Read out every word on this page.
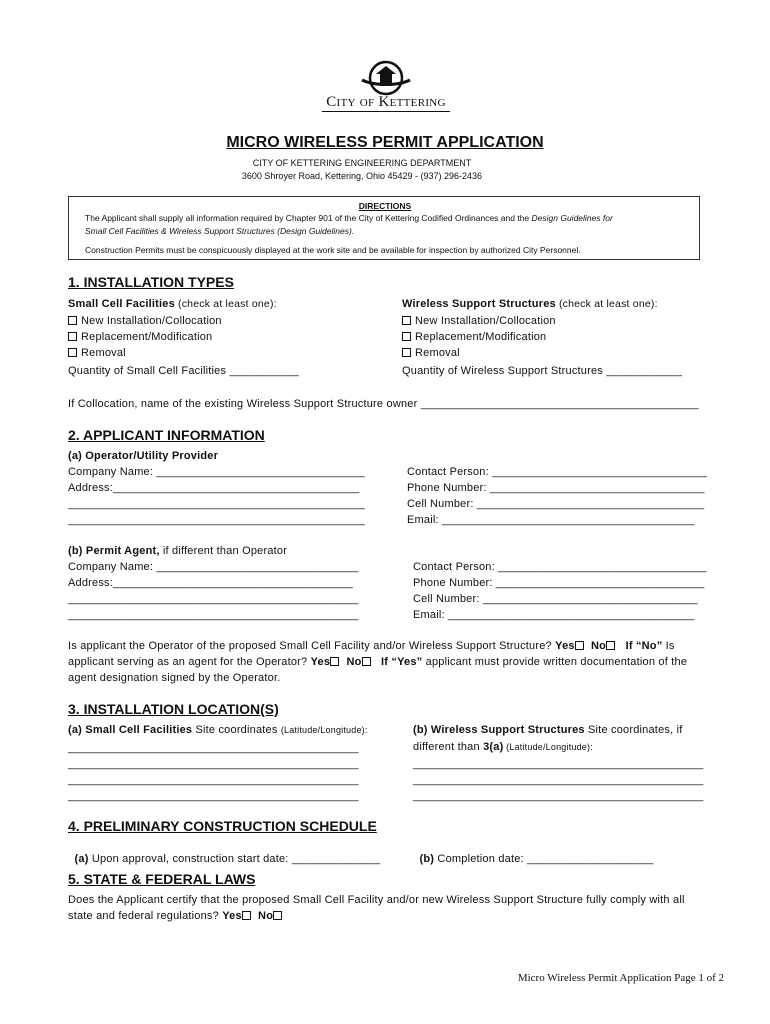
City of Kettering
MICRO WIRELESS PERMIT APPLICATION
CITY OF KETTERING ENGINEERING DEPARTMENT
3600 Shroyer Road, Kettering, Ohio 45429 - (937) 296-2436
DIRECTIONS
The Applicant shall supply all information required by Chapter 901 of the City of Kettering Codified Ordinances and the Design Guidelines for
Small Cell Facilities & Wireless Support Structures (Design Guidelines).
Construction Permits must be conspicuously displayed at the work site and be available for inspection by authorized City Personnel.
1. INSTALLATION TYPES
Small Cell Facilities (check at least one):
New Installation/Collocation
Replacement/Modification
Removal
Quantity of Small Cell Facilities ___________
Wireless Support Structures (check at least one):
New Installation/Collocation
Replacement/Modification
Removal
Quantity of Wireless Support Structures ____________
If Collocation, name of the existing Wireless Support Structure owner ____________________________________________
2. APPLICANT INFORMATION
(a) Operator/Utility Provider
Company Name: _________________________________
Address:_______________________________________
_______________________________________________
_______________________________________________
Contact Person: __________________________________
Phone Number: __________________________________
Cell Number: ____________________________________
Email: ________________________________________
(b) Permit Agent, if different than Operator
Company Name: ________________________________
Address:______________________________________
______________________________________________
______________________________________________
Contact Person: _________________________________
Phone Number: _________________________________
Cell Number: __________________________________
Email: _______________________________________
Is applicant the Operator of the proposed Small Cell Facility and/or Wireless Support Structure? Yes No If “No” Is
applicant serving as an agent for the Operator? Yes No If “Yes” applicant must provide written documentation of the
agent designation signed by the Operator.
3. INSTALLATION LOCATION(S)
(a) Small Cell Facilities Site coordinates (Latitude/Longitude):
______________________________________________
______________________________________________
______________________________________________
______________________________________________
(b) Wireless Support Structures Site coordinates, if
different than 3(a) (Latitude/Longitude):
______________________________________________
______________________________________________
______________________________________________
4. PRELIMINARY CONSTRUCTION SCHEDULE

(a) Upon approval, construction start date: ______________	(b) Completion date: ____________________

5. STATE & FEDERAL LAWS
Does the Applicant certify that the proposed Small Cell Facility and/or new Wireless Support Structure fully comply with all
state and federal regulations? Yes No
Micro Wireless Permit Application Page 1 of 2
